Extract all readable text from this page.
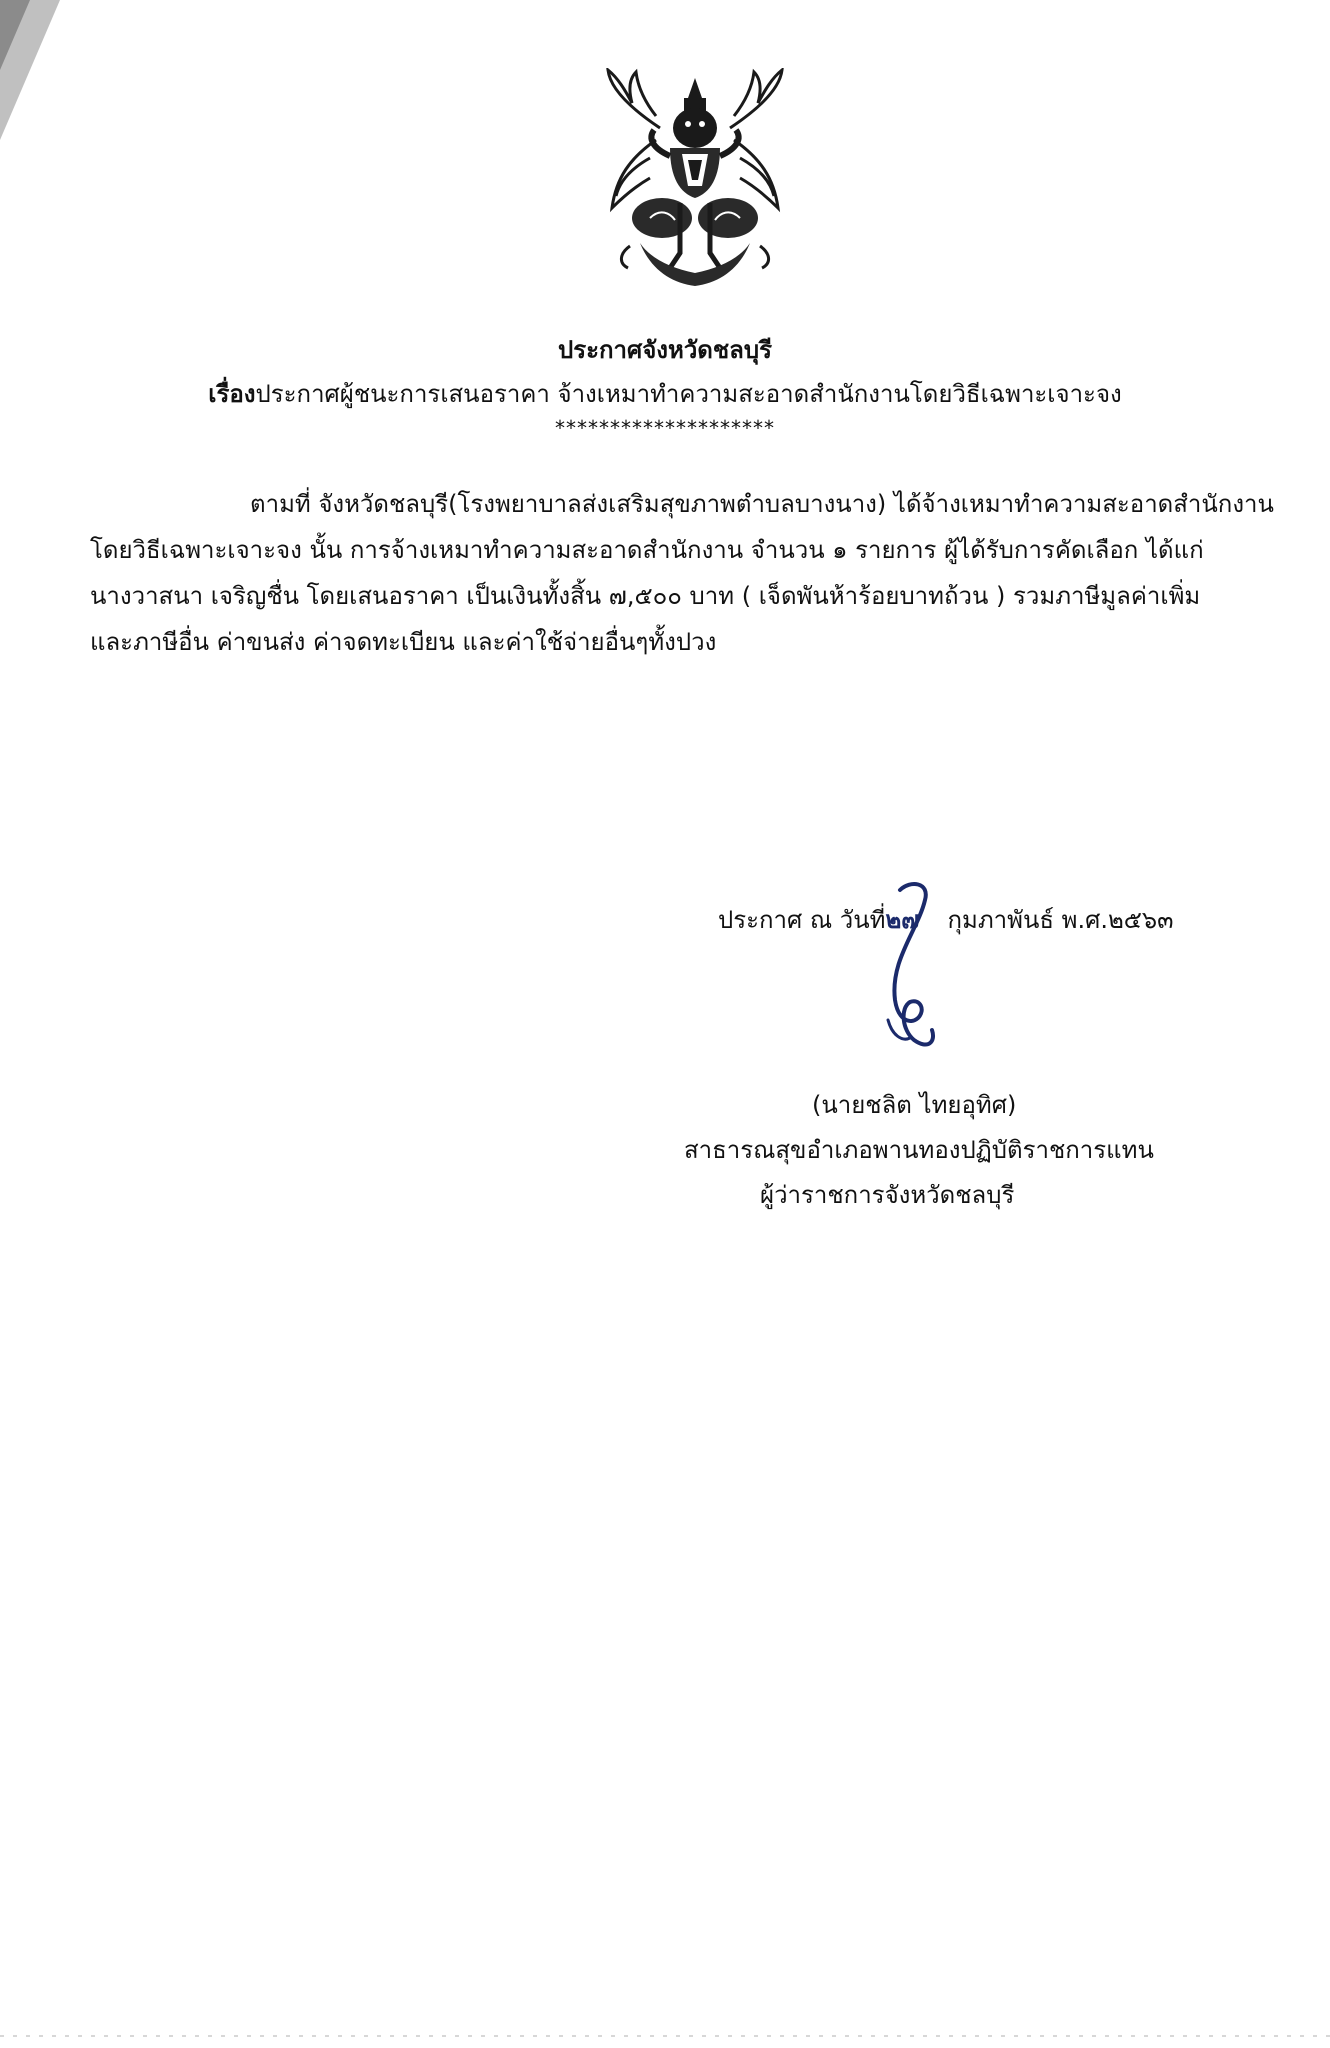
ประกาศจังหวัดชลบุรี
เรื่องประกาศผู้ชนะการเสนอราคา จ้างเหมาทำความสะอาดสำนักงานโดยวิธีเฉพาะเจาะจง
********************
ตามที่ จังหวัดชลบุรี(โรงพยาบาลส่งเสริมสุขภาพตำบลบางนาง) ได้จ้างเหมาทำความสะอาดสำนักงาน
โดยวิธีเฉพาะเจาะจง นั้น การจ้างเหมาทำความสะอาดสำนักงาน จำนวน ๑ รายการ ผู้ได้รับการคัดเลือก ได้แก่
นางวาสนา เจริญชื่น โดยเสนอราคา เป็นเงินทั้งสิ้น ๗,๕๐๐ บาท ( เจ็ดพันห้าร้อยบาทถ้วน ) รวมภาษีมูลค่าเพิ่ม
และภาษีอื่น ค่าขนส่ง ค่าจดทะเบียน และค่าใช้จ่ายอื่นๆทั้งปวง
ประกาศ ณ วันที่๒๗ กุมภาพันธ์ พ.ศ.๒๕๖๓
(นายชลิต ไทยอุทิศ)
สาธารณสุขอำเภอพานทองปฏิบัติราชการแทน
ผู้ว่าราชการจังหวัดชลบุรี
